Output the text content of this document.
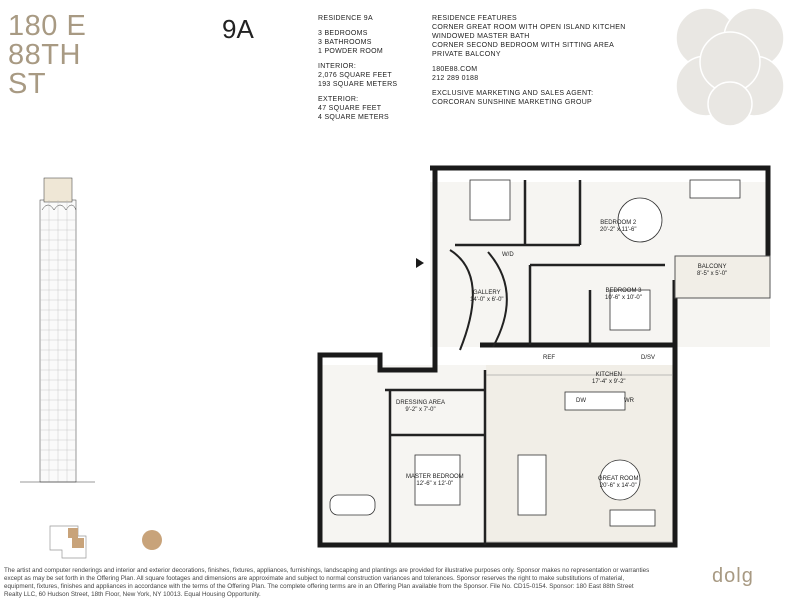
180 E
88TH
ST
9A	RESIDENCE 9A
3 BEDROOMS
3 BATHROOMS
1 POWDER ROOM
INTERIOR:
2,076 SQUARE FEET
193 SQUARE METERS
EXTERIOR:
47 SQUARE FEET
4 SQUARE METERS
RESIDENCE FEATURES
CORNER GREAT ROOM WITH OPEN ISLAND KITCHEN
WINDOWED MASTER BATH
CORNER SECOND BEDROOM WITH SITTING AREA
PRIVATE BALCONY
180E88.COM
212 289 0188
EXCLUSIVE MARKETING AND SALES AGENT:
CORCORAN SUNSHINE MARKETING GROUP
BEDROOM 2
20'-2" x 11'-6"
BALCONY
8'-5" x 5'-0"
GALLERY
14'-0" x 6'-0"
BEDROOM 3
10'-6" x 10'-0"
KITCHEN
17'-4" x 9'-2"
DRESSING AREA
9'-2" x 7'-0"
MASTER BEDROOM
12'-6" x 12'-0"
GREAT ROOM
20'-6" x 14'-0"
W/D
REF	D/SV
DW	WR
The artist and computer renderings and interior and exterior decorations, finishes, fixtures, appliances, furnishings, landscaping and plantings are provided for illustrative purposes only. Sponsor makes no representation or warranties except as may be set forth in the Offering Plan. All square footages and dimensions are approximate and subject to normal construction variances and tolerances. Sponsor reserves the right to make substitutions of material, equipment, fixtures, finishes and appliances in accordance with the terms of the Offering Plan. The complete offering terms are in an Offering Plan available from the Sponsor. File No. CD15-0154. Sponsor: 180 East 88th Street Realty LLC, 60 Hudson Street, 18th Floor, New York, NY 10013. Equal Housing Opportunity.
dolg
